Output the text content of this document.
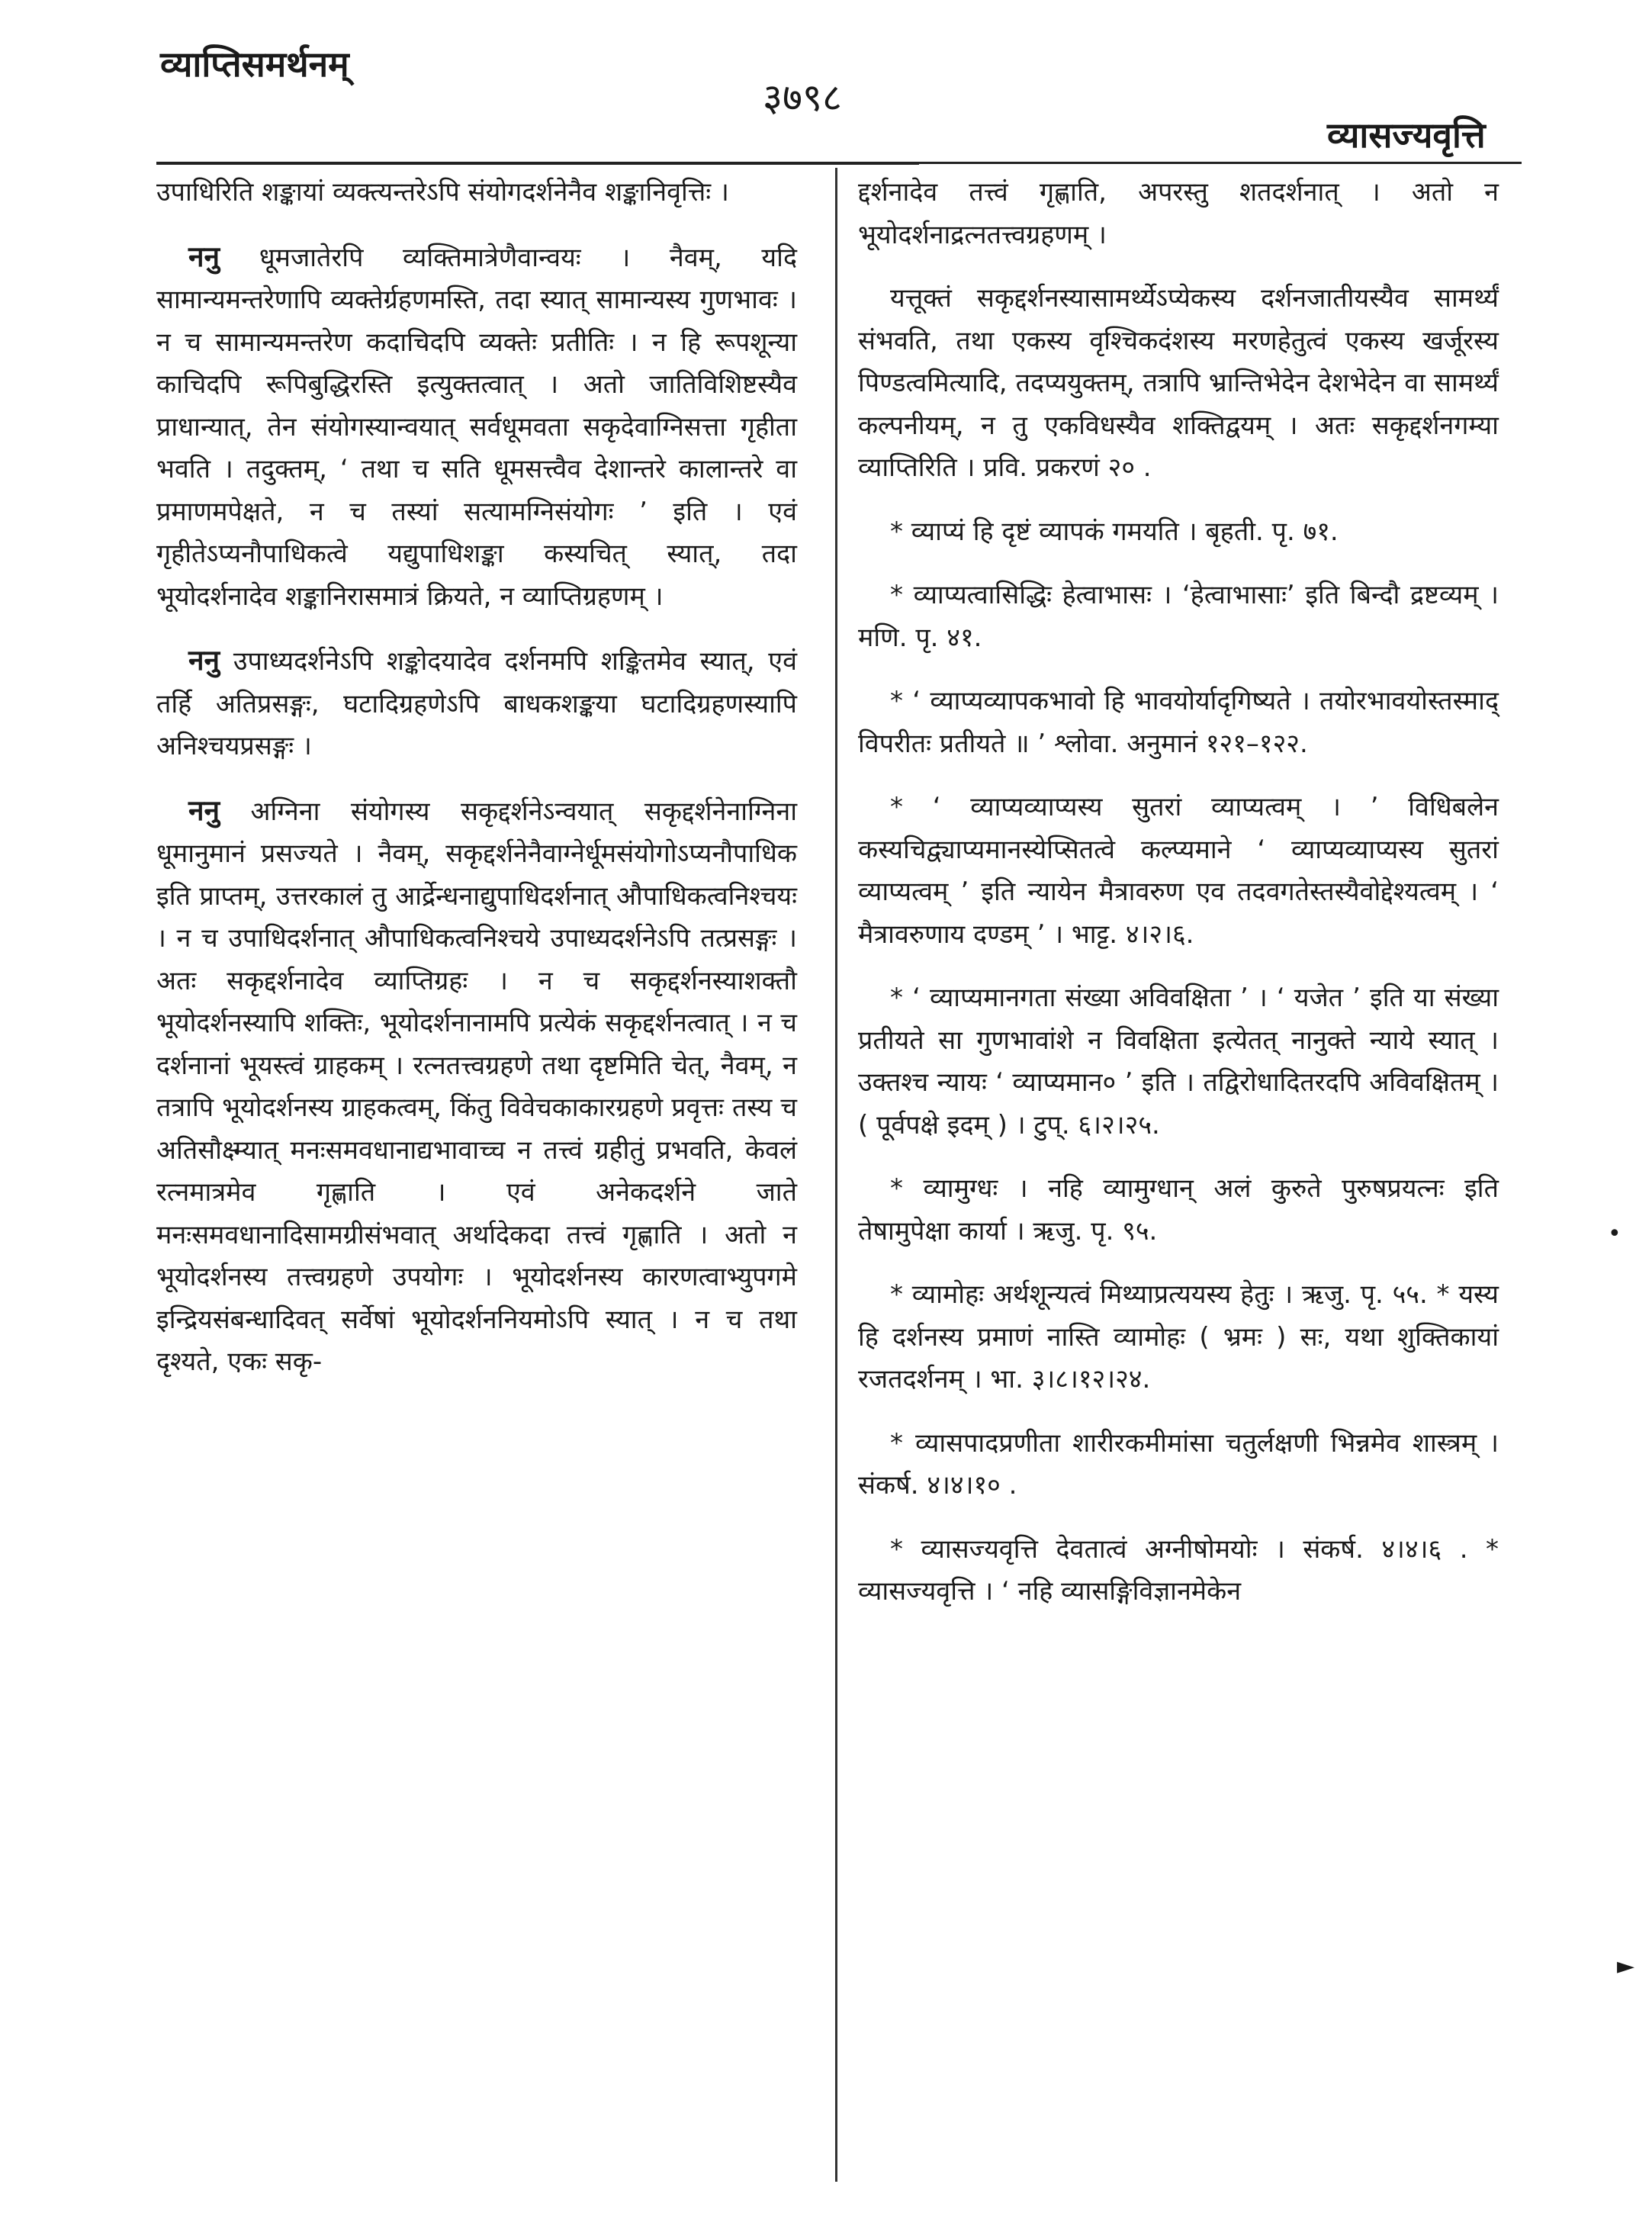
व्याप्तिसमर्थनम्
३७९८
व्यासज्यवृत्ति

उपाधिरिति शङ्कायां व्यक्त्यन्तरेऽपि संयोगदर्शनेनैव शङ्कानिवृत्तिः ।

ननु धूमजातेरपि व्यक्तिमात्रेणैवान्वयः । नैवम्, यदि सामान्यमन्तरेणापि व्यक्तेर्ग्रहणमस्ति, तदा स्यात् सामान्यस्य गुणभावः । न च सामान्यमन्तरेण कदाचिदपि व्यक्तेः प्रतीतिः । न हि रूपशून्या काचिदपि रूपिबुद्धिरस्ति इत्युक्तत्वात् । अतो जातिविशिष्टस्यैव प्राधान्यात्, तेन संयोगस्यान्वयात् सर्वधूमवता सकृदेवाग्निसत्ता गृहीता भवति । तदुक्तम्, ‘ तथा च सति धूमसत्त्वैव देशान्तरे कालान्तरे वा प्रमाणमपेक्षते, न च तस्यां सत्यामग्निसंयोगः ’ इति । एवं गृहीतेऽप्यनौपाधिकत्वे यद्युपाधिशङ्का कस्यचित् स्यात्, तदा भूयोदर्शनादेव शङ्कानिरासमात्रं क्रियते, न व्याप्तिग्रहणम् ।

ननु उपाध्यदर्शनेऽपि शङ्कोदयादेव दर्शनमपि शङ्कितमेव स्यात्, एवं तर्हि अतिप्रसङ्गः, घटादिग्रहणेऽपि बाधकशङ्कया घटादिग्रहणस्यापि अनिश्चयप्रसङ्गः ।

ननु अग्निना संयोगस्य सकृद्दर्शनेऽन्वयात् सकृद्दर्शनेनाग्निना धूमानुमानं प्रसज्यते । नैवम्, सकृद्दर्शनेनैवाग्नेर्धूमसंयोगोऽप्यनौपाधिक इति प्राप्तम्, उत्तरकालं तु आर्द्रेन्धनाद्युपाधिदर्शनात् औपाधिकत्वनिश्चयः । न च उपाधिदर्शनात् औपाधिकत्वनिश्चये उपाध्यदर्शनेऽपि तत्प्रसङ्गः । अतः सकृद्दर्शनादेव व्याप्तिग्रहः । न च सकृद्दर्शनस्याशक्तौ भूयोदर्शनस्यापि शक्तिः, भूयोदर्शनानामपि प्रत्येकं सकृद्दर्शनत्वात् । न च दर्शनानां भूयस्त्वं ग्राहकम् । रत्नतत्त्वग्रहणे तथा दृष्टमिति चेत्, नैवम्, न तत्रापि भूयोदर्शनस्य ग्राहकत्वम्, किंतु विवेचकाकारग्रहणे प्रवृत्तः तस्य च अतिसौक्ष्म्यात् मनःसमवधानाद्यभावाच्च न तत्त्वं ग्रहीतुं प्रभवति, केवलं रत्नमात्रमेव गृह्णाति । एवं अनेकदर्शने जाते मनःसमवधानादिसामग्रीसंभवात् अर्थादेकदा तत्त्वं गृह्णाति । अतो न भूयोदर्शनस्य तत्त्वग्रहणे उपयोगः । भूयोदर्शनस्य कारणत्वाभ्युपगमे इन्द्रियसंबन्धादिवत् सर्वेषां भूयोदर्शननियमोऽपि स्यात् । न च तथा दृश्यते, एकः सकृ-

द्दर्शनादेव तत्त्वं गृह्णाति, अपरस्तु शतदर्शनात् । अतो न भूयोदर्शनाद्रत्नतत्त्वग्रहणम् ।

यत्तूक्तं सकृद्दर्शनस्यासामर्थ्येऽप्येकस्य दर्शनजातीयस्यैव सामर्थ्यं संभवति, तथा एकस्य वृश्चिकदंशस्य मरणहेतुत्वं एकस्य खर्जूरस्य पिण्डत्वमित्यादि, तदप्ययुक्तम्, तत्रापि भ्रान्तिभेदेन देशभेदेन वा सामर्थ्यं कल्पनीयम्, न तु एकविधस्यैव शक्तिद्वयम् । अतः सकृद्दर्शनगम्या व्याप्तिरिति । प्रवि. प्रकरणं २० .

* व्याप्यं हि दृष्टं व्यापकं गमयति । बृहती. पृ. ७१.

* व्याप्यत्वासिद्धिः हेत्वाभासः । ‘हेत्वाभासाः’ इति बिन्दौ द्रष्टव्यम् । मणि. पृ. ४१.

* ‘ व्याप्यव्यापकभावो हि भावयोर्यादृगिष्यते । तयोरभावयोस्तस्माद् विपरीतः प्रतीयते ॥ ’ श्लोवा. अनुमानं १२१–१२२.

* ‘ व्याप्यव्याप्यस्य सुतरां व्याप्यत्वम् । ’ विधिबलेन कस्यचिद्व्याप्यमानस्येप्सितत्वे कल्प्यमाने ‘ व्याप्यव्याप्यस्य सुतरां व्याप्यत्वम् ’ इति न्यायेन मैत्रावरुण एव तदवगतेस्तस्यैवोद्देश्यत्वम् । ‘ मैत्रावरुणाय दण्डम् ’ । भाट्ट. ४।२।६.

* ‘ व्याप्यमानगता संख्या अविवक्षिता ’ । ‘ यजेत ’ इति या संख्या प्रतीयते सा गुणभावांशे न विवक्षिता इत्येतत् नानुक्ते न्याये स्यात् । उक्तश्च न्यायः ‘ व्याप्यमान० ’ इति । तद्विरोधादितरदपि अविवक्षितम् । ( पूर्वपक्षे इदम् ) । टुप्. ६।२।२५.

* व्यामुग्धः । नहि व्यामुग्धान् अलं कुरुते पुरुषप्रयत्नः इति तेषामुपेक्षा कार्या । ऋजु. पृ. ९५.

* व्यामोहः अर्थशून्यत्वं मिथ्याप्रत्ययस्य हेतुः । ऋजु. पृ. ५५. * यस्य हि दर्शनस्य प्रमाणं नास्ति व्यामोहः ( भ्रमः ) सः, यथा शुक्तिकायां रजतदर्शनम् । भा. ३।८।१२।२४.

* व्यासपादप्रणीता शारीरकमीमांसा चतुर्लक्षणी भिन्नमेव शास्त्रम् । संकर्ष. ४।४।१० .

* व्यासज्यवृत्ति देवतात्वं अग्नीषोमयोः । संकर्ष. ४।४।६ . * व्यासज्यवृत्ति । ‘ नहि व्यासङ्गिविज्ञानमेकेन

•
►
